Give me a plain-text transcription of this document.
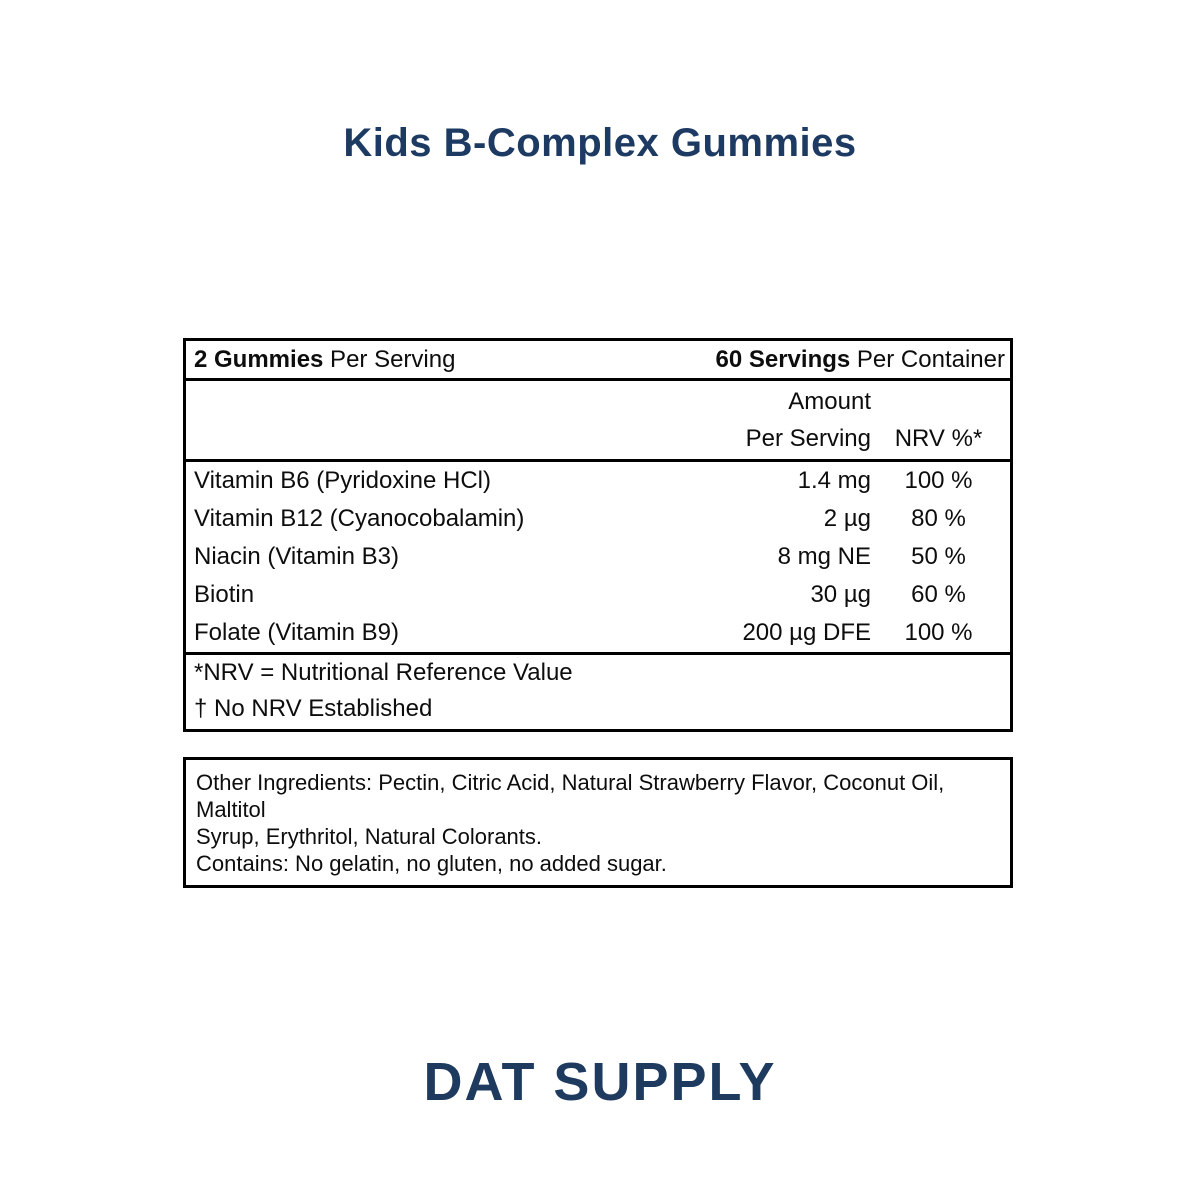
Kids B-Complex Gummies
2 Gummies Per Serving	60 Servings Per Container
Amount
Per Serving NRV %*
Vitamin B6 (Pyridoxine HCl)	1.4 mg	100 %
Vitamin B12 (Cyanocobalamin)	2 µg	80 %
Niacin (Vitamin B3)	8 mg NE	50 %
Biotin	30 µg	60 %
Folate (Vitamin B9)	200 µg DFE	100 %
*NRV = Nutritional Reference Value
† No NRV Established
Other Ingredients: Pectin, Citric Acid, Natural Strawberry Flavor, Coconut Oil, Maltitol
Syrup, Erythritol, Natural Colorants.
Contains: No gelatin, no gluten, no added sugar.
DAT SUPPLY
